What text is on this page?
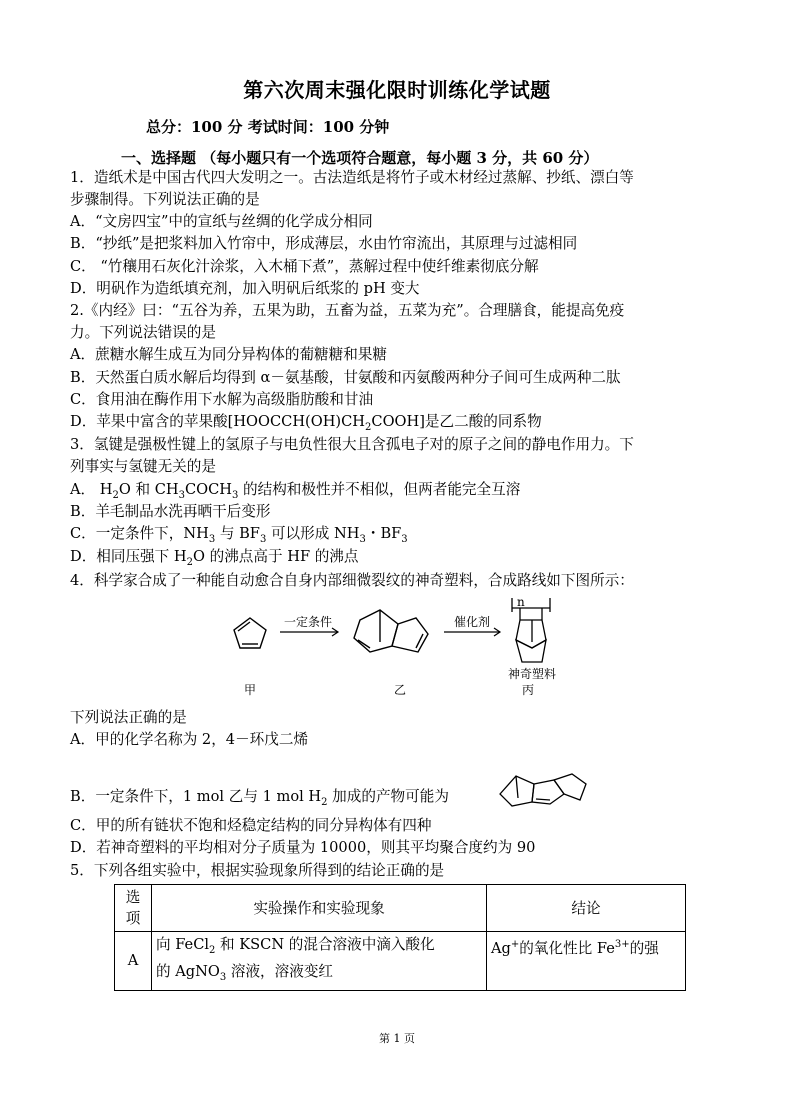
第六次周末强化限时训练化学试题
总分：100 分 考试时间：100 分钟
一、选择题 （每小题只有一个选项符合题意，每小题 3 分，共 60 分）
1．造纸术是中国古代四大发明之一。古法造纸是将竹子或木材经过蒸解、抄纸、漂白等
步骤制得。下列说法正确的是
A．“文房四宝”中的宣纸与丝绸的化学成分相同
B．“抄纸”是把浆料加入竹帘中，形成薄层，水由竹帘流出，其原理与过滤相同
C． “竹穰用石灰化汁涂浆，入木桶下煮”，蒸解过程中使纤维素彻底分解
D．明矾作为造纸填充剂，加入明矾后纸浆的 pH 变大
2.《内经》曰：“五谷为养，五果为助，五畜为益，五菜为充”。合理膳食，能提高免疫
力。下列说法错误的是
A．蔗糖水解生成互为同分异构体的葡糖糖和果糖
B．天然蛋白质水解后均得到 α－氨基酸，甘氨酸和丙氨酸两种分子间可生成两种二肽
C．食用油在酶作用下水解为高级脂肪酸和甘油
D．苹果中富含的苹果酸$[HOOCCH(OH)CH_2COOH]$是乙二酸的同系物
3．氢键是强极性键上的氢原子与电负性很大且含孤电子对的原子之间的静电作用力。下
列事实与氢键无关的是
A． $H_2O$ 和 $CH_3COCH_3$ 的结构和极性并不相似，但两者能完全互溶
B．羊毛制品水洗再晒干后变形
C．一定条件下，$NH_3$ 与 $BF_3$ 可以形成 $NH_3$・$BF_3$
D．相同压强下 $H_2O$ 的沸点高于 HF 的沸点
4．科学家合成了一种能自动愈合自身内部细微裂纹的神奇塑料，合成路线如下图所示：
一定条件	催化剂
n
甲	乙
神奇塑料
丙
下列说法正确的是
A．甲的化学名称为 2，4－环戊二烯
B．一定条件下，1 mol 乙与 1 mol $H_2$ 加成的产物可能为
C．甲的所有链状不饱和烃稳定结构的同分异构体有四种
D．若神奇塑料的平均相对分子质量为 10000，则其平均聚合度约为 90
5．下列各组实验中，根据实验现象所得到的结论正确的是
选项	实验操作和实验现象	结论
A	向 FeCl$_2$ 和 KSCN 的混合溶液中滴入酸化
的 AgNO$_3$ 溶液，溶液变红	Ag+的氧化性比 $Fe^{3+}$的强
第 1 页
